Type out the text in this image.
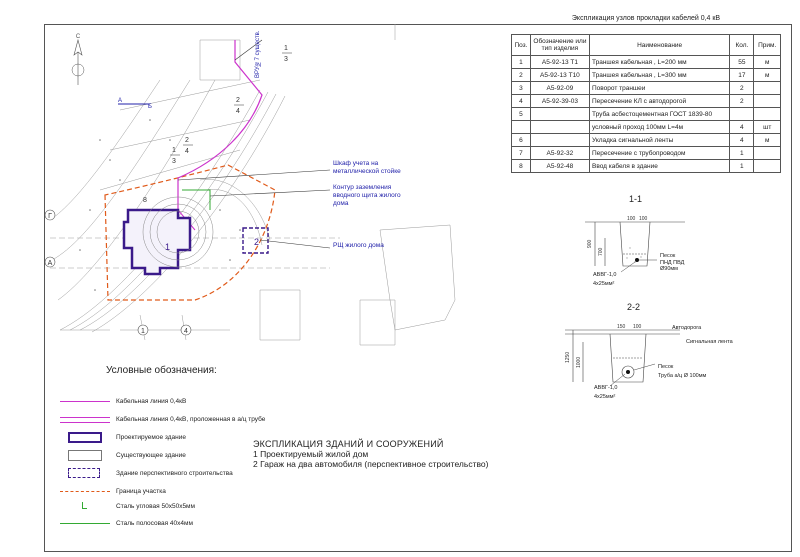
Г
А
1	4
А
Б
С
1
3
2
4
1
3
2
4
1	2
8
ВРУ№7 существ.
Шкаф учета на металлической стойке
Контур заземления вводного щита жилого дома
РЩ жилого дома
Экспликация узлов прокладки кабелей 0,4 кВ
Поз.	Обозначение или тип изделия	Наименование	Кол.	Прим.
1	А5-92-13 Т1	Траншея кабельная , L=200 мм	55	м
2	А5-92-13 Т10	Траншея кабельная , L=300 мм	17	м
3	А5-92-09	Поворот траншеи	2	
4	А5-92-39-03	Пересечение КЛ с автодорогой	2	
5		Труба асбестоцементная ГОСТ 1839-80		
		условный проход 100мм L=4м	4	шт
6		Укладка сигнальной ленты	4	м
7	А5-92-32	Пересечение с трубопроводом	1	
8	А5-92-48	Ввод кабеля в здание	1	
1-1
900
700
100 100
Песок
ПНД ПВД Ø90мм
АВВГ-1,0
4х25мм²
2-2
1250 1000
150 100	Автодорога
Сигнальная лента
Песок
Труба а/ц Ø 100мм
АВВГ-1,0
4х25мм²
Условные обозначения:
Кабельная линия 0,4кВ
Кабельная линия 0,4кВ, проложенная в а/ц трубе
Проектируемое здание
Существующее здание
Здание перспективного строительства
Граница участка
Сталь угловая 50х50х5мм
Сталь полосовая 40х4мм
ЭКСПЛИКАЦИЯ ЗДАНИЙ И СООРУЖЕНИЙ
1 Проектируемый жилой дом
2 Гараж на два автомобиля (перспективное строительство)
